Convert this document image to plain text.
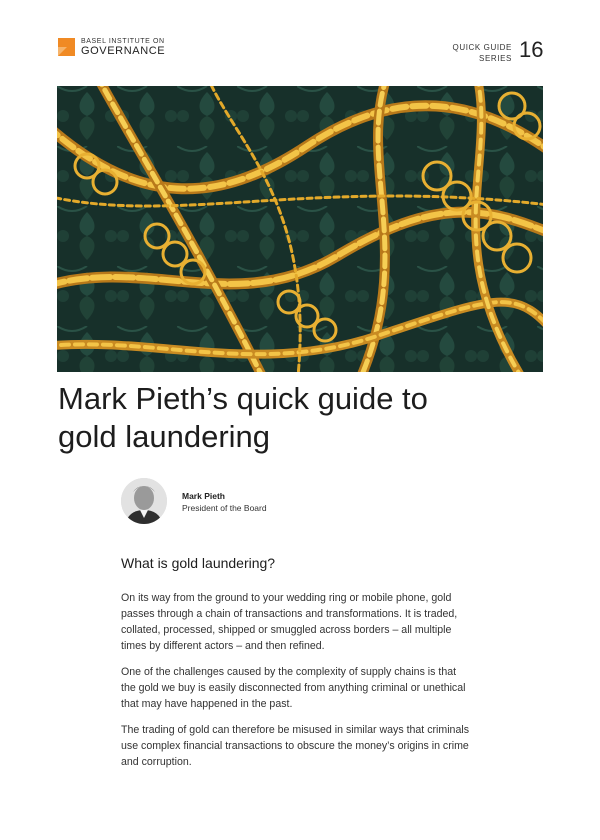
BASEL INSTITUTE ON
GOVERNANCE	QUICK GUIDE
SERIES 16
Mark Pieth’s quick guide to
gold laundering
Mark Pieth
President of the Board
What is gold laundering?

On its way from the ground to your wedding ring or mobile phone, gold
passes through a chain of transactions and transformations. It is traded,
collated, processed, shipped or smuggled across borders – all multiple
times by different actors – and then refined.

One of the challenges caused by the complexity of supply chains is that
the gold we buy is easily disconnected from anything criminal or unethical
that may have happened in the past.

The trading of gold can therefore be misused in similar ways that criminals
use complex financial transactions to obscure the money’s origins in crime
and corruption.
